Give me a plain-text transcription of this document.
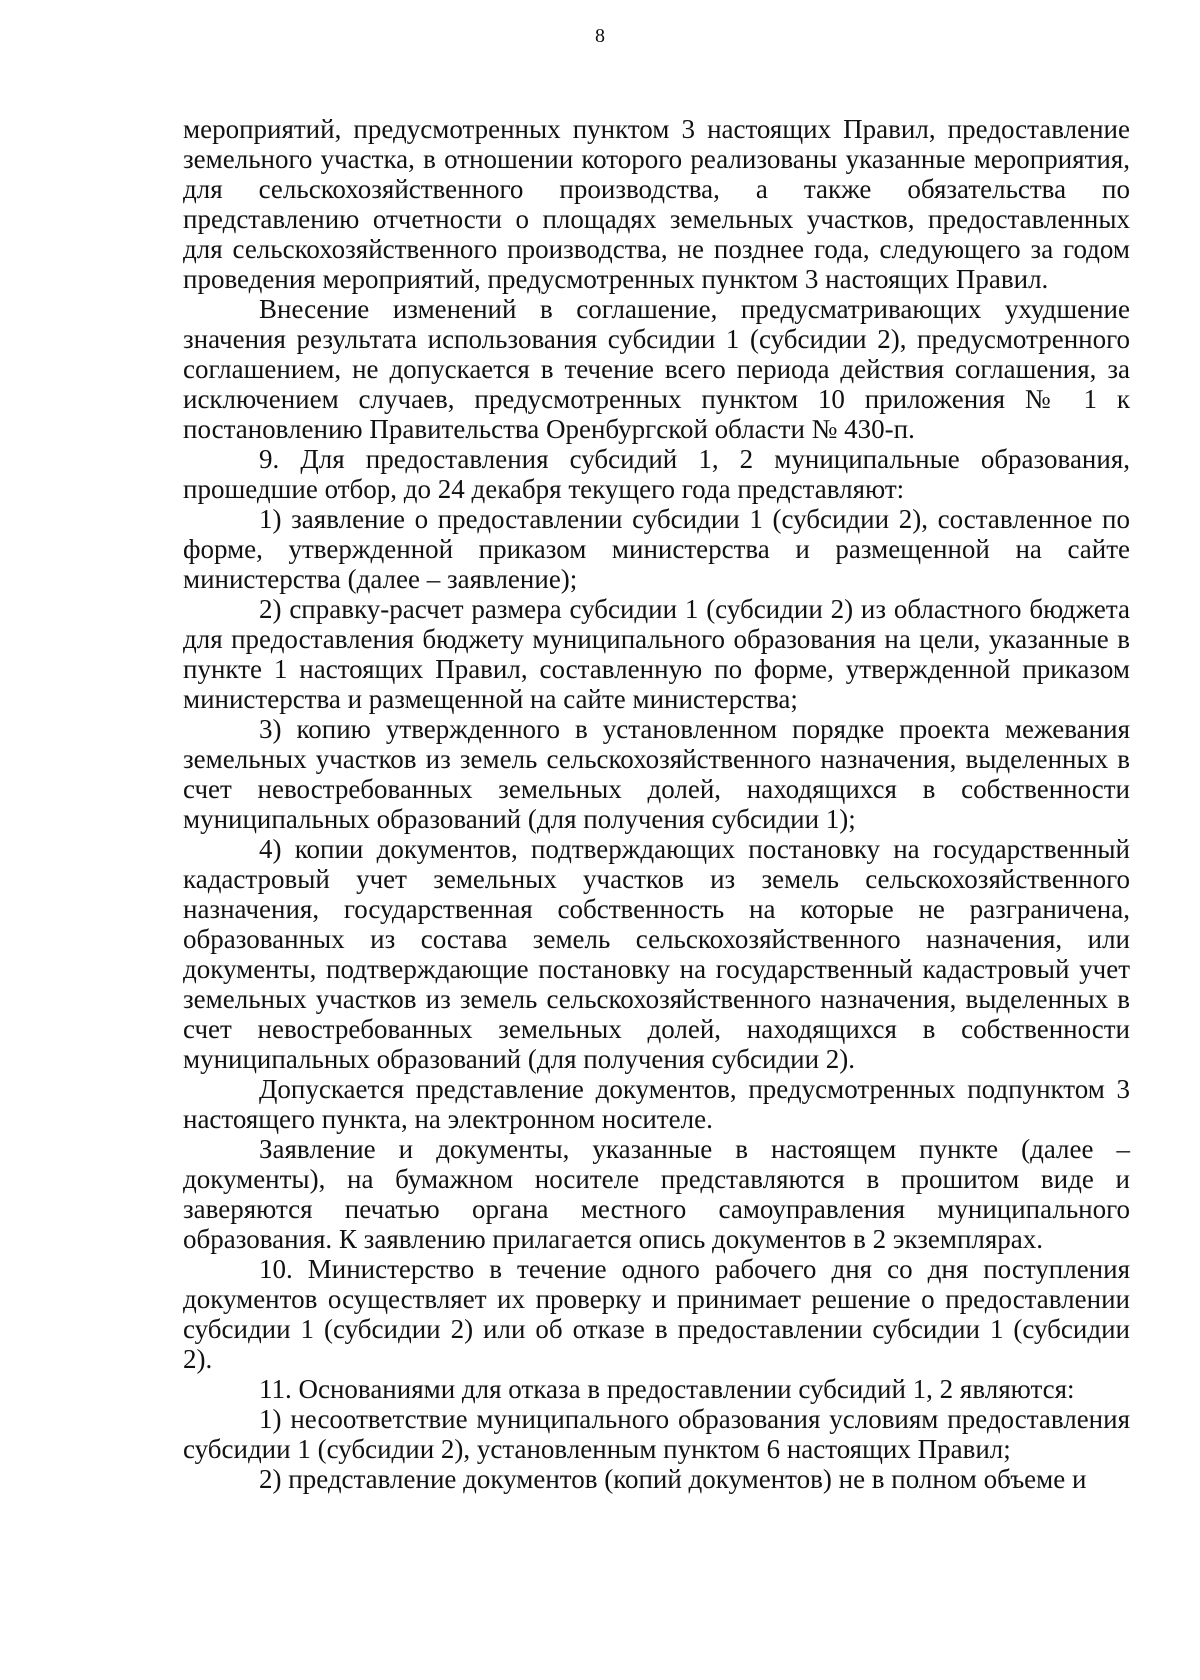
8

мероприятий, предусмотренных пунктом 3 настоящих Правил, предоставление земельного участка, в отношении которого реализованы указанные мероприятия, для сельскохозяйственного производства, а также обязательства по представлению отчетности о площадях земельных участков, предоставленных для сельскохозяйственного производства, не позднее года, следующего за годом проведения мероприятий, предусмотренных пунктом 3 настоящих Правил.

Внесение изменений в соглашение, предусматривающих ухудшение значения результата использования субсидии 1 (субсидии 2), предусмотренного соглашением, не допускается в течение всего периода действия соглашения, за исключением случаев, предусмотренных пунктом 10 приложения № 1 к постановлению Правительства Оренбургской области № 430-п.

9. Для предоставления субсидий 1, 2 муниципальные образования, прошедшие отбор, до 24 декабря текущего года представляют:

1) заявление о предоставлении субсидии 1 (субсидии 2), составленное по форме, утвержденной приказом министерства и размещенной на сайте министерства (далее – заявление);

2) справку-расчет размера субсидии 1 (субсидии 2) из областного бюджета для предоставления бюджету муниципального образования на цели, указанные в пункте 1 настоящих Правил, составленную по форме, утвержденной приказом министерства и размещенной на сайте министерства;

3) копию утвержденного в установленном порядке проекта межевания земельных участков из земель сельскохозяйственного назначения, выделенных в счет невостребованных земельных долей, находящихся в собственности муниципальных образований (для получения субсидии 1);

4) копии документов, подтверждающих постановку на государственный кадастровый учет земельных участков из земель сельскохозяйственного назначения, государственная собственность на которые не разграничена, образованных из состава земель сельскохозяйственного назначения, или документы, подтверждающие постановку на государственный кадастровый учет земельных участков из земель сельскохозяйственного назначения, выделенных в счет невостребованных земельных долей, находящихся в собственности муниципальных образований (для получения субсидии 2).

Допускается представление документов, предусмотренных подпунктом 3 настоящего пункта, на электронном носителе.

Заявление и документы, указанные в настоящем пункте (далее – документы), на бумажном носителе представляются в прошитом виде и заверяются печатью органа местного самоуправления муниципального образования. К заявлению прилагается опись документов в 2 экземплярах.

10. Министерство в течение одного рабочего дня со дня поступления документов осуществляет их проверку и принимает решение о предоставлении субсидии 1 (субсидии 2) или об отказе в предоставлении субсидии 1 (субсидии 2).

11. Основаниями для отказа в предоставлении субсидий 1, 2 являются:

1) несоответствие муниципального образования условиям предоставления субсидии 1 (субсидии 2), установленным пунктом 6 настоящих Правил;

2) представление документов (копий документов) не в полном объеме и
